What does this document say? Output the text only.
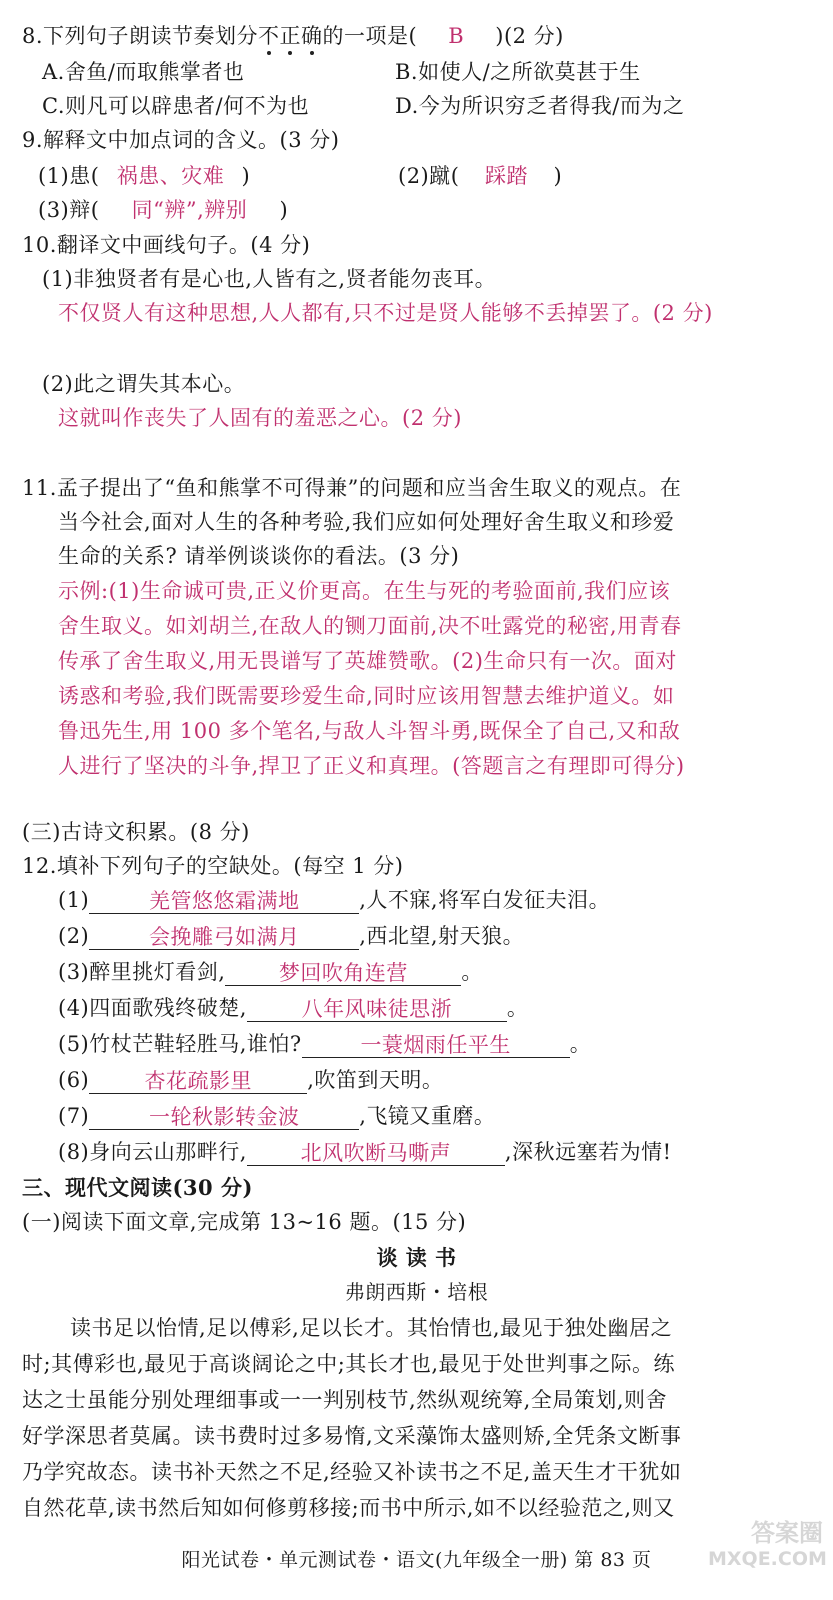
8.下列句子朗读节奏划分不正确的一项是( B )(2 分)
A.舍鱼/而取熊掌者也	B.如使人/之所欲莫甚于生
C.则凡可以辟患者/何不为也	D.今为所识穷乏者得我/而为之
9.解释文中加点词的含义。(3 分)
(1)患( 祸患、灾难 )	(2)蹴( 踩踏 )
(3)辩( 同“辨”,辨别 )
10.翻译文中画线句子。(4 分)
(1)非独贤者有是心也,人皆有之,贤者能勿丧耳。
不仅贤人有这种思想,人人都有,只不过是贤人能够不丢掉罢了。(2 分)
(2)此之谓失其本心。
这就叫作丧失了人固有的羞恶之心。(2 分)
11.孟子提出了“鱼和熊掌不可得兼”的问题和应当舍生取义的观点。在
当今社会,面对人生的各种考验,我们应如何处理好舍生取义和珍爱
生命的关系? 请举例谈谈你的看法。(3 分)
示例:(1)生命诚可贵,正义价更高。在生与死的考验面前,我们应该
舍生取义。如刘胡兰,在敌人的铡刀面前,决不吐露党的秘密,用青春
传承了舍生取义,用无畏谱写了英雄赞歌。(2)生命只有一次。面对
诱惑和考验,我们既需要珍爱生命,同时应该用智慧去维护道义。如
鲁迅先生,用 100 多个笔名,与敌人斗智斗勇,既保全了自己,又和敌
人进行了坚决的斗争,捍卫了正义和真理。(答题言之有理即可得分)
(三)古诗文积累。(8 分)
12.填补下列句子的空缺处。(每空 1 分)
(1)	羌管悠悠霜满地	,人不寐,将军白发征夫泪。
(2)	会挽雕弓如满月	,西北望,射天狼。
(3)醉里挑灯看剑,	梦回吹角连营	。
(4)四面歌残终破楚,	八年风味徒思浙	。
(5)竹杖芒鞋轻胜马,谁怕?	一蓑烟雨任平生	。
(6)	杏花疏影里	,吹笛到天明。
(7)	一轮秋影转金波	,飞镜又重磨。
(8)身向云山那畔行,	北风吹断马嘶声	,深秋远塞若为情!
三、现代文阅读(30 分)
(一)阅读下面文章,完成第 13~16 题。(15 分)
谈 读 书
弗朗西斯・培根
读书足以怡情,足以傅彩,足以长才。其怡情也,最见于独处幽居之
时;其傅彩也,最见于高谈阔论之中;其长才也,最见于处世判事之际。练
达之士虽能分别处理细事或一一判别枝节,然纵观统筹,全局策划,则舍
好学深思者莫属。读书费时过多易惰,文采藻饰太盛则矫,全凭条文断事
乃学究故态。读书补天然之不足,经验又补读书之不足,盖天生才干犹如
自然花草,读书然后知如何修剪移接;而书中所示,如不以经验范之,则又
阳光试卷・单元测试卷・语文(九年级全一册) 第 83 页
答案圈
MXQE.COM
